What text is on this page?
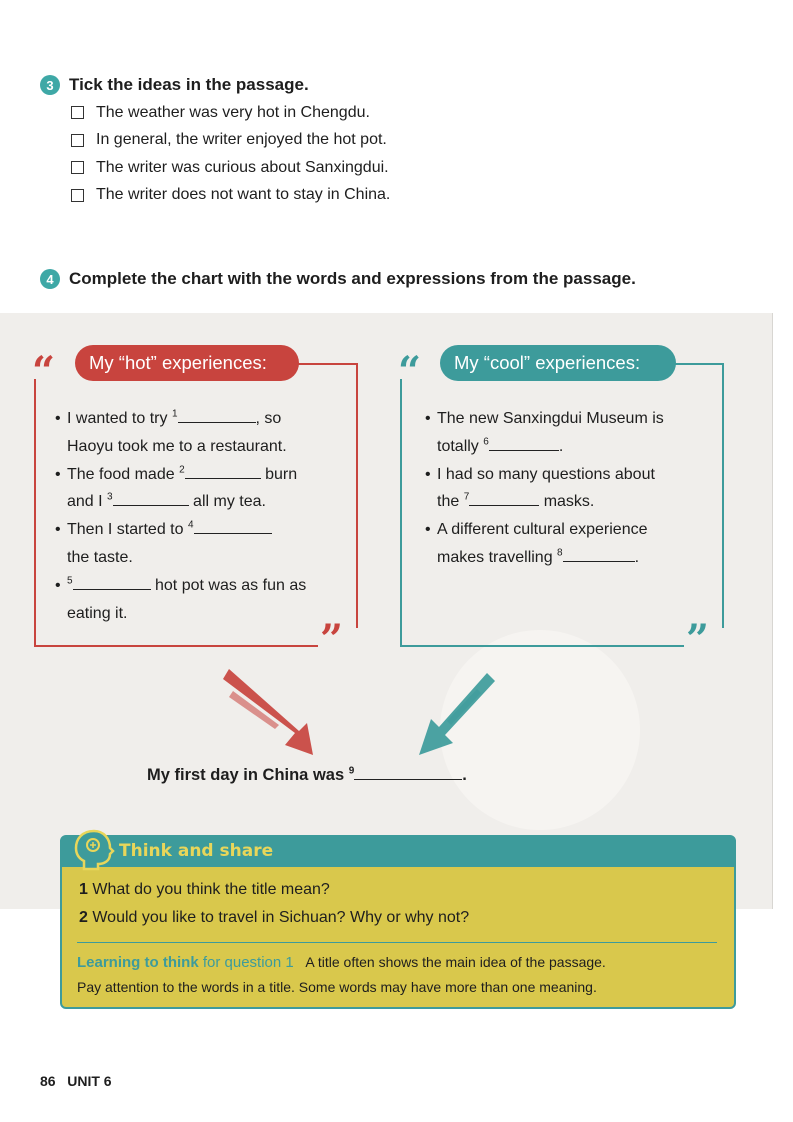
3 Tick the ideas in the passage.
The weather was very hot in Chengdu.
In general, the writer enjoyed the hot pot.
The writer was curious about Sanxingdui.
The writer does not want to stay in China.
4 Complete the chart with the words and expressions from the passage.
“
”
My “hot” experiences:
• I wanted to try $^1$	, so
Haoyu took me to a restaurant.
• The food made $^2$	burn
and I $^3$	all my tea.
• Then I started to $^4$
the taste.
• $^5$	hot pot was as fun as
eating it.
“
”
My “cool” experiences:
• The new Sanxingdui Museum is
totally $^6$	.
• I had so many questions about
the $^7$	masks.
• A different cultural experience
makes travelling $^8$	.
My first day in China was $^9$	.
Think and share
1 What do you think the title mean?
2 Would you like to travel in Sichuan? Why or why not?
Learning to think for question 1 A title often shows the main idea of the passage.
Pay attention to the words in a title. Some words may have more than one meaning.
86 UNIT 6
